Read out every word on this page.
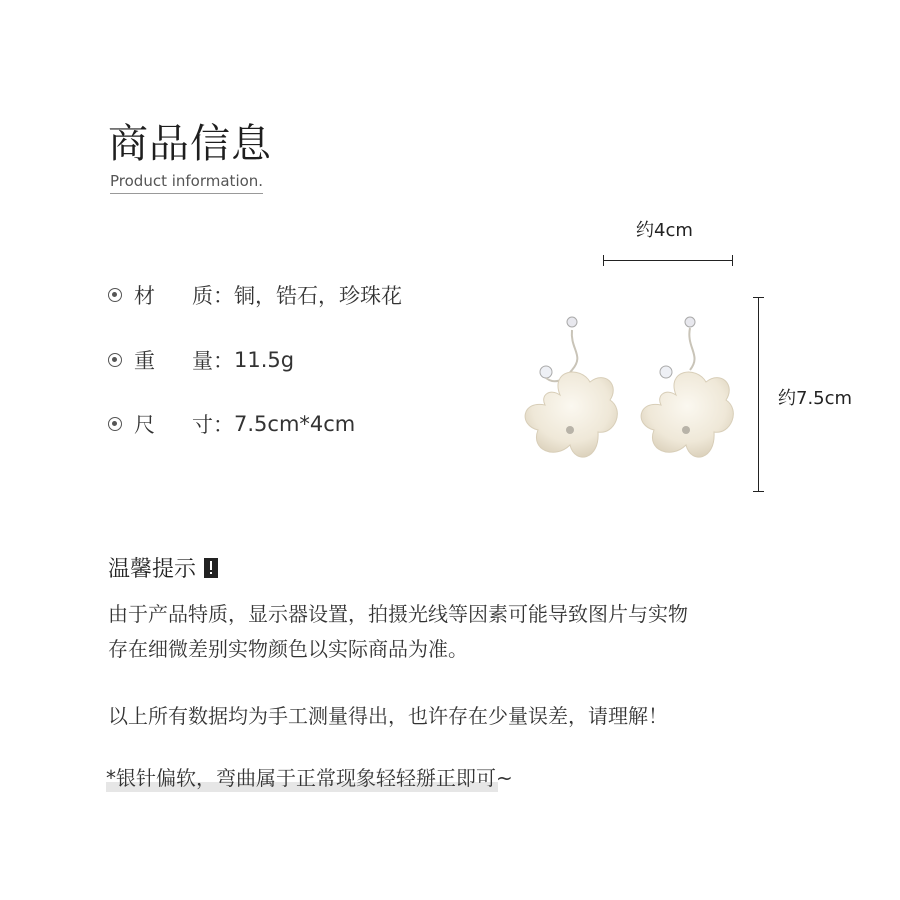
商品信息
Product information.
材	质： 铜，锆石，珍珠花
重	量： 11.5g
尺	寸： 7.5cm*4cm
约4cm
约7.5cm
温馨提示
由于产品特质，显示器设置，拍摄光线等因素可能导致图片与实物
存在细微差别实物颜色以实际商品为准。
以上所有数据均为手工测量得出，也许存在少量误差，请理解！
*银针偏软，弯曲属于正常现象轻轻掰正即可~
